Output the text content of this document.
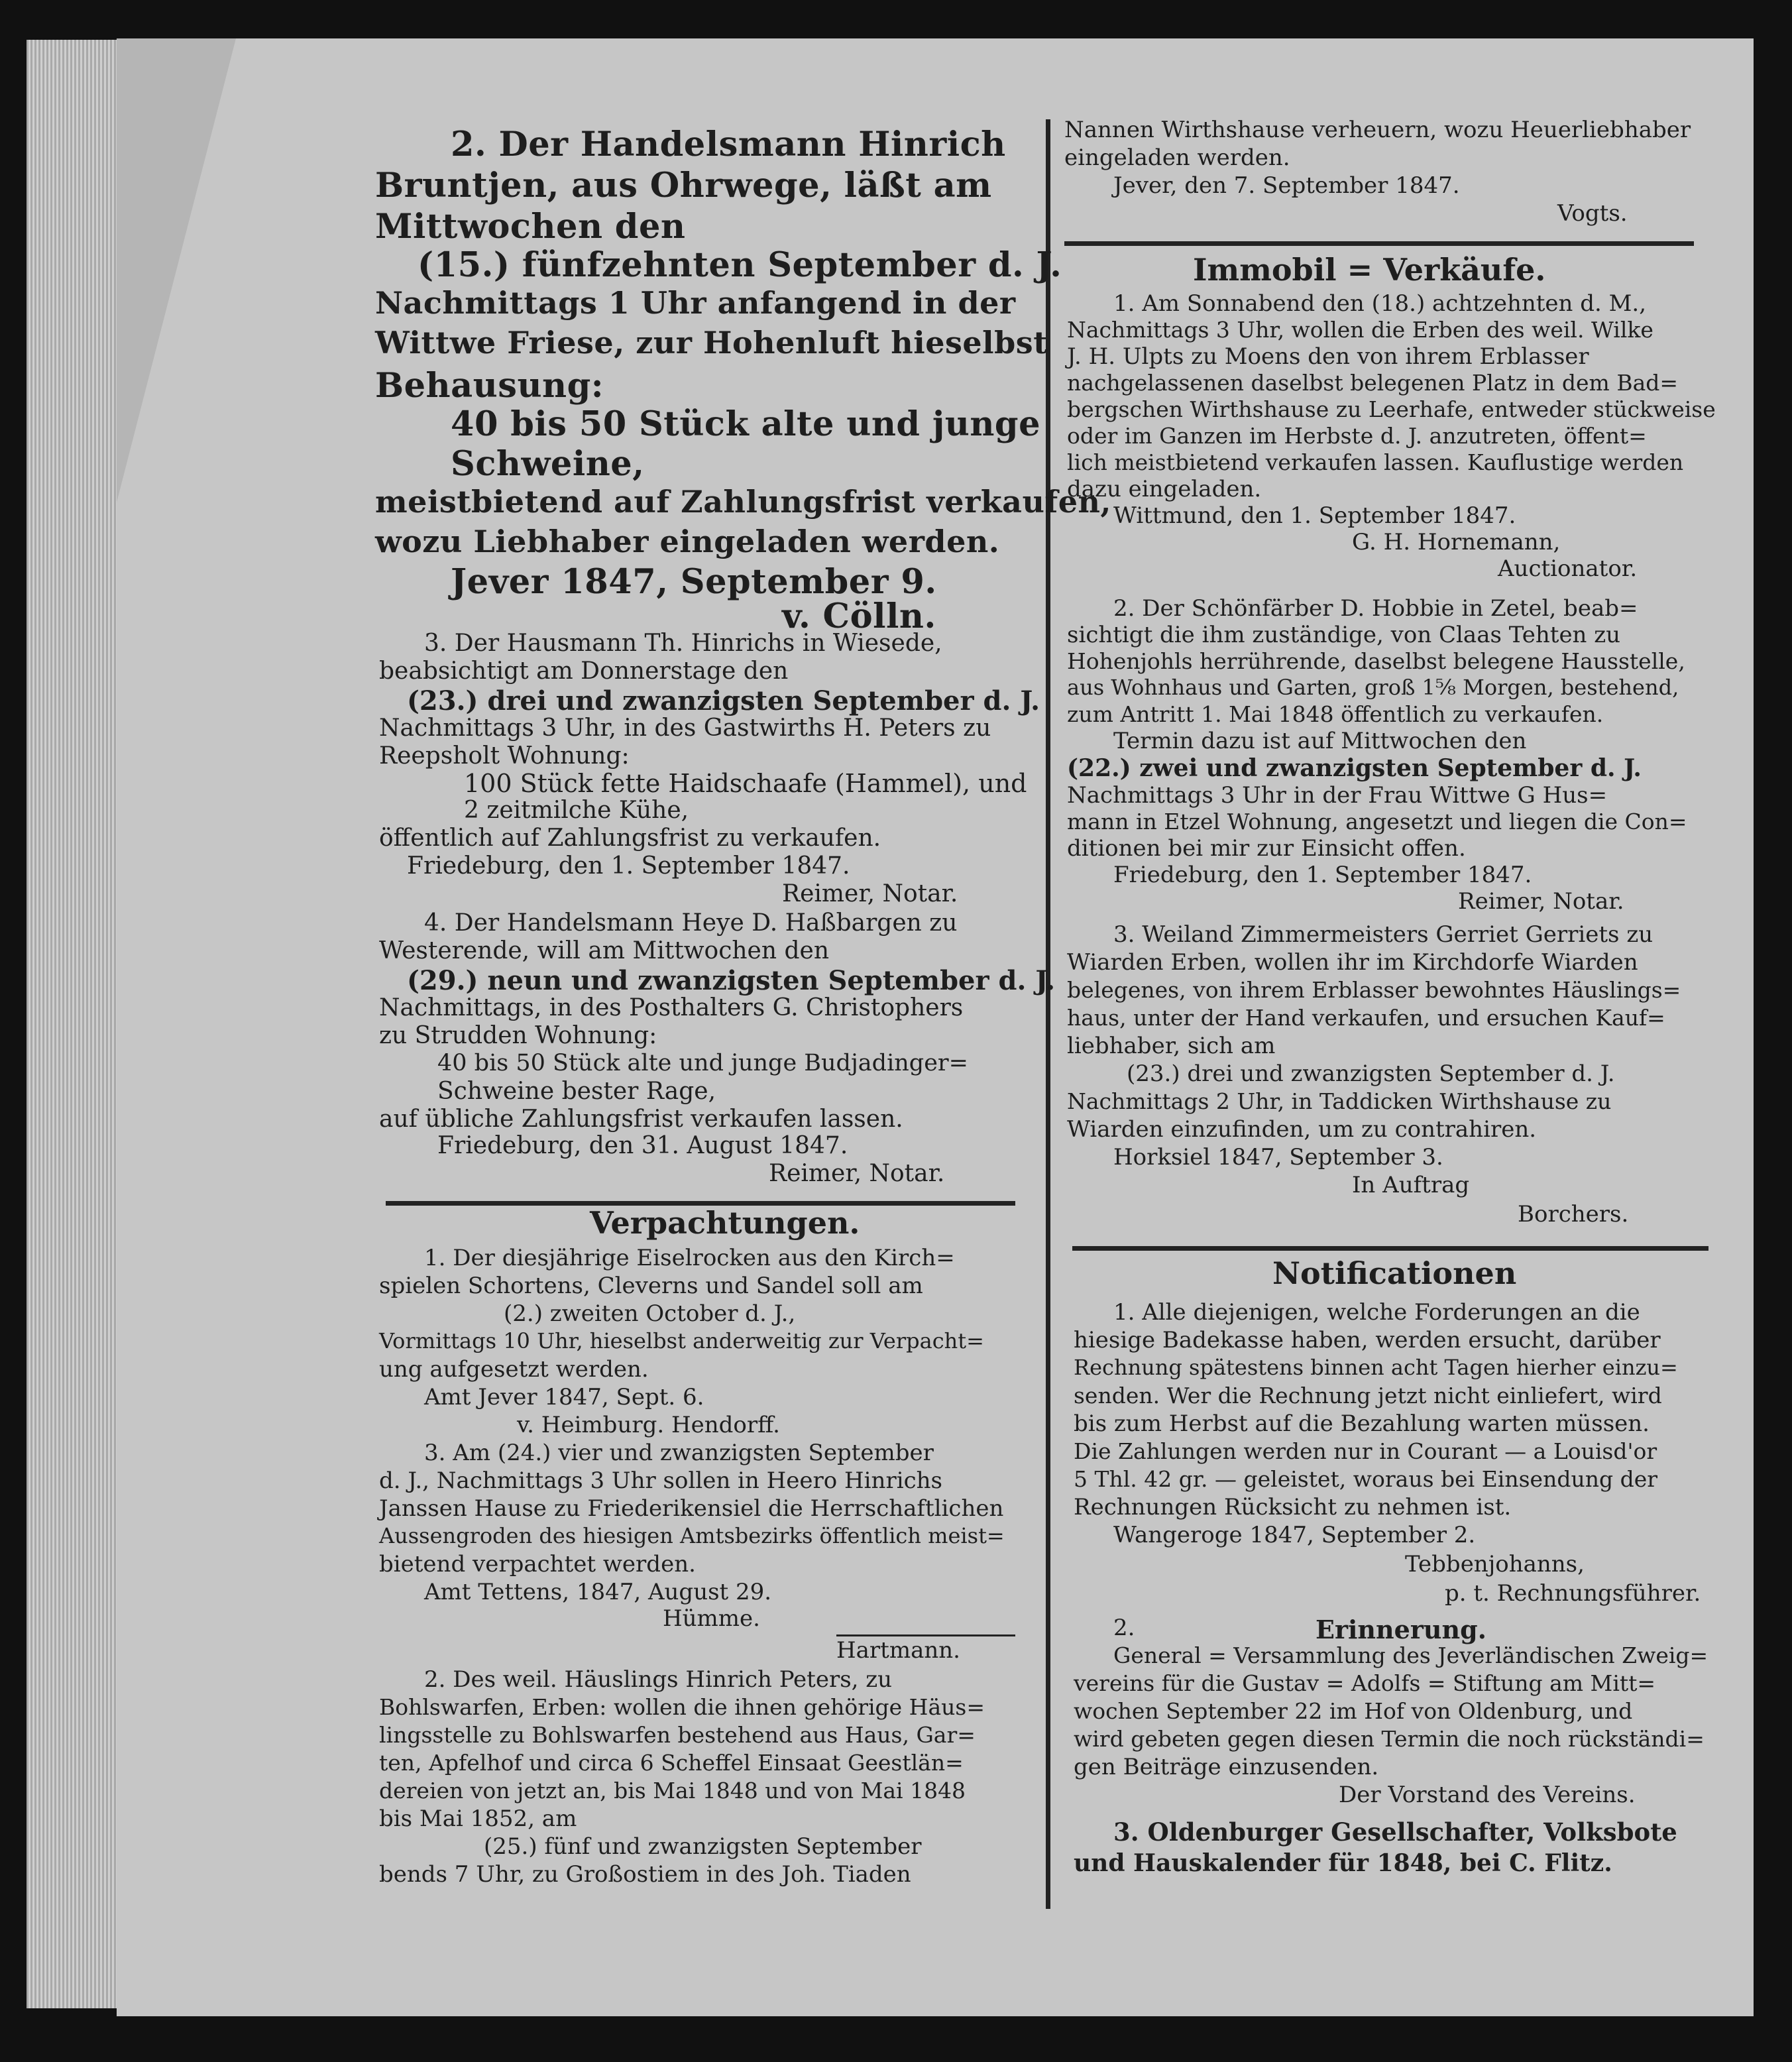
2. Der Handelsmann Hinrich
Bruntjen, aus Ohrwege, läßt am
Mittwochen den
(15.) fünfzehnten September d. J.
Nachmittags 1 Uhr anfangend in der
Wittwe Friese, zur Hohenluft hieselbst
Behausung:
40 bis 50 Stück alte und junge
Schweine,
meistbietend auf Zahlungsfrist verkaufen,
wozu Liebhaber eingeladen werden.
Jever 1847, September 9.
v. Cölln.
3. Der Hausmann Th. Hinrichs in Wiesede,
beabsichtigt am Donnerstage den
(23.) drei und zwanzigsten September d. J.
Nachmittags 3 Uhr, in des Gastwirths H. Peters zu
Reepsholt Wohnung:
100 Stück fette Haidschaafe (Hammel), und
2 zeitmilche Kühe,
öffentlich auf Zahlungsfrist zu verkaufen.
Friedeburg, den 1. September 1847.
Reimer, Notar.
4. Der Handelsmann Heye D. Haßbargen zu
Westerende, will am Mittwochen den
(29.) neun und zwanzigsten September d. J.
Nachmittags, in des Posthalters G. Christophers
zu Strudden Wohnung:
40 bis 50 Stück alte und junge Budjadinger=
Schweine bester Rage,
auf übliche Zahlungsfrist verkaufen lassen.
Friedeburg, den 31. August 1847.
Reimer, Notar.
Verpachtungen.
1. Der diesjährige Eiselrocken aus den Kirch=
spielen Schortens, Cleverns und Sandel soll am
(2.) zweiten October d. J.,
Vormittags 10 Uhr, hieselbst anderweitig zur Verpacht=
ung aufgesetzt werden.
Amt Jever 1847, Sept. 6.
v. Heimburg. Hendorff.
3. Am (24.) vier und zwanzigsten September
d. J., Nachmittags 3 Uhr sollen in Heero Hinrichs
Janssen Hause zu Friederikensiel die Herrschaftlichen
Aussengroden des hiesigen Amtsbezirks öffentlich meist=
bietend verpachtet werden.
Amt Tettens, 1847, August 29.
Hümme.
Hartmann.
2. Des weil. Häuslings Hinrich Peters, zu
Bohlswarfen, Erben: wollen die ihnen gehörige Häus=
lingsstelle zu Bohlswarfen bestehend aus Haus, Gar=
ten, Apfelhof und circa 6 Scheffel Einsaat Geestlän=
dereien von jetzt an, bis Mai 1848 und von Mai 1848
bis Mai 1852, am
(25.) fünf und zwanzigsten September
bends 7 Uhr, zu Großostiem in des Joh. Tiaden
Nannen Wirthshause verheuern, wozu Heuerliebhaber
eingeladen werden.
Jever, den 7. September 1847.
Vogts.
Immobil = Verkäufe.
1. Am Sonnabend den (18.) achtzehnten d. M.,
Nachmittags 3 Uhr, wollen die Erben des weil. Wilke
J. H. Ulpts zu Moens den von ihrem Erblasser
nachgelassenen daselbst belegenen Platz in dem Bad=
bergschen Wirthshause zu Leerhafe, entweder stückweise
oder im Ganzen im Herbste d. J. anzutreten, öffent=
lich meistbietend verkaufen lassen. Kauflustige werden
dazu eingeladen.
Wittmund, den 1. September 1847.
G. H. Hornemann,
Auctionator.
2. Der Schönfärber D. Hobbie in Zetel, beab=
sichtigt die ihm zuständige, von Claas Tehten zu
Hohenjohls herrührende, daselbst belegene Hausstelle,
aus Wohnhaus und Garten, groß 1⅝ Morgen, bestehend,
zum Antritt 1. Mai 1848 öffentlich zu verkaufen.
Termin dazu ist auf Mittwochen den
(22.) zwei und zwanzigsten September d. J.
Nachmittags 3 Uhr in der Frau Wittwe G Hus=
mann in Etzel Wohnung, angesetzt und liegen die Con=
ditionen bei mir zur Einsicht offen.
Friedeburg, den 1. September 1847.
Reimer, Notar.
3. Weiland Zimmermeisters Gerriet Gerriets zu
Wiarden Erben, wollen ihr im Kirchdorfe Wiarden
belegenes, von ihrem Erblasser bewohntes Häuslings=
haus, unter der Hand verkaufen, und ersuchen Kauf=
liebhaber, sich am
(23.) drei und zwanzigsten September d. J.
Nachmittags 2 Uhr, in Taddicken Wirthshause zu
Wiarden einzufinden, um zu contrahiren.
Horksiel 1847, September 3.
In Auftrag
Borchers.
Notificationen
1. Alle diejenigen, welche Forderungen an die
hiesige Badekasse haben, werden ersucht, darüber
Rechnung spätestens binnen acht Tagen hierher einzu=
senden. Wer die Rechnung jetzt nicht einliefert, wird
bis zum Herbst auf die Bezahlung warten müssen.
Die Zahlungen werden nur in Courant — a Louisd'or
5 Thl. 42 gr. — geleistet, woraus bei Einsendung der
Rechnungen Rücksicht zu nehmen ist.
Wangeroge 1847, September 2.
Tebbenjohanns,
p. t. Rechnungsführer.
2.	Erinnerung.
General = Versammlung des Jeverländischen Zweig=
vereins für die Gustav = Adolfs = Stiftung am Mitt=
wochen September 22 im Hof von Oldenburg, und
wird gebeten gegen diesen Termin die noch rückständi=
gen Beiträge einzusenden.
Der Vorstand des Vereins.
3. Oldenburger Gesellschafter, Volksbote
und Hauskalender für 1848, bei C. Flitz.
